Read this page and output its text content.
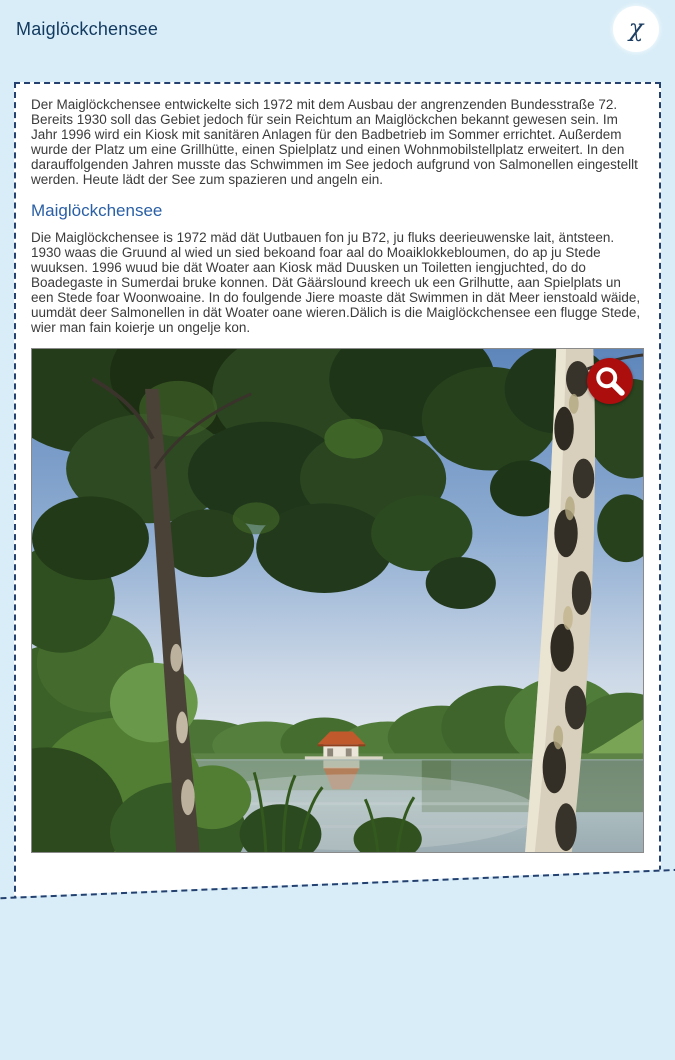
Maiglöckchensee	χ

Der Maiglöckchensee entwickelte sich 1972 mit dem Ausbau der angrenzenden Bundesstraße 72. Bereits 1930 soll das Gebiet jedoch für sein Reichtum an Maiglöckchen bekannt gewesen sein. Im Jahr 1996 wird ein Kiosk mit sanitären Anlagen für den Badbetrieb im Sommer errichtet. Außerdem wurde der Platz um eine Grillhütte, einen Spielplatz und einen Wohnmobilstellplatz erweitert. In den darauffolgenden Jahren musste das Schwimmen im See jedoch aufgrund von Salmonellen eingestellt werden. Heute lädt der See zum spazieren und angeln ein.

Maiglöckchensee

Die Maiglöckchensee is 1972 mäd dät Uutbauen fon ju B72, ju fluks deerieuwenske lait, äntsteen. 1930 waas die Gruund al wied un sied bekoand foar aal do Moaiklokkebloumen, do ap ju Stede wuuksen. 1996 wuud bie dät Woater aan Kiosk mäd Duusken un Toiletten iengjuchted, do do Boadegaste in Sumerdai bruke konnen. Dät Gäärslound kreech uk een Grilhutte, aan Spielplats un een Stede foar Woonwoaine. In do foulgende Jiere moaste dät Swimmen in dät Meer ienstoald wäide, uumdät deer Salmonellen in dät Woater oane wieren.Dälich is die Maiglöckchensee een flugge Stede, wier man fain koierje un ongelje kon.
